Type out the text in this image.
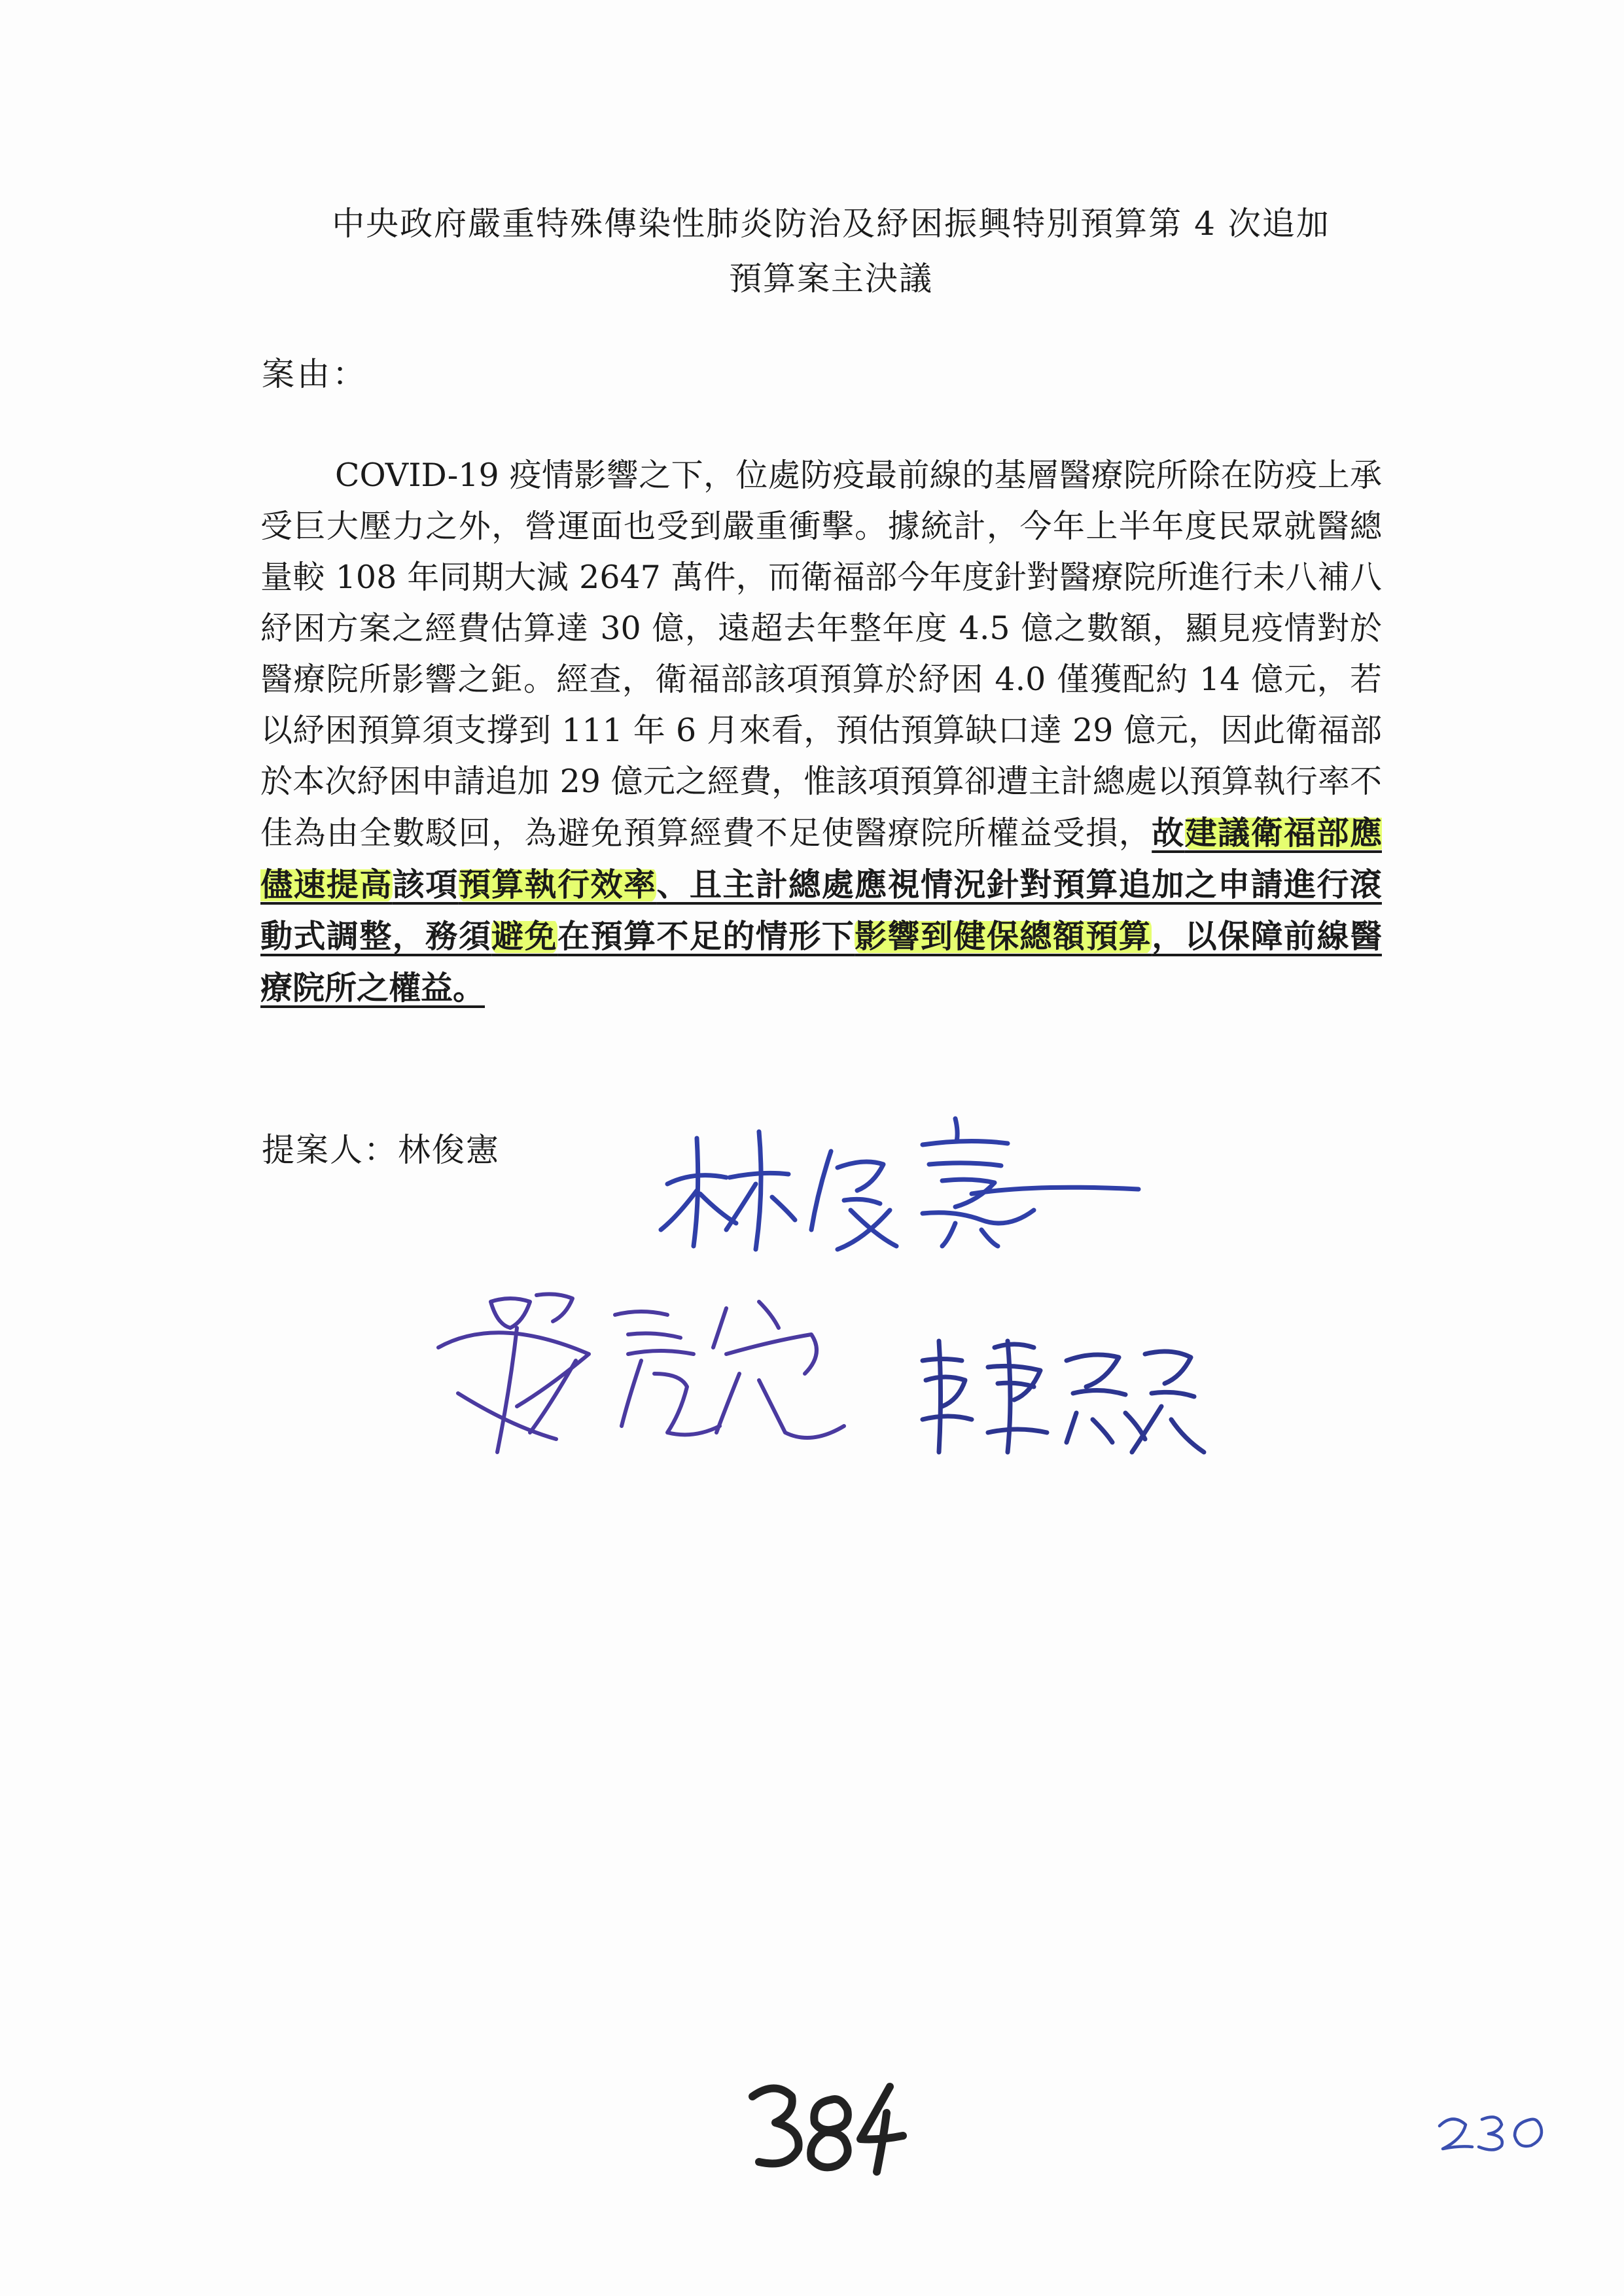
中央政府嚴重特殊傳染性肺炎防治及紓困振興特別預算第 4 次追加
預算案主決議
案由：
COVID-19 疫情影響之下，位處防疫最前線的基層醫療院所除在防疫上承受巨大壓力之外，營運面也受到嚴重衝擊。據統計，今年上半年度民眾就醫總量較 108 年同期大減 2647 萬件，而衛福部今年度針對醫療院所進行未八補八紓困方案之經費估算達 30 億，遠超去年整年度 4.5 億之數額，顯見疫情對於醫療院所影響之鉅。經查，衛福部該項預算於紓困 4.0 僅獲配約 14 億元，若以紓困預算須支撐到 111 年 6 月來看，預估預算缺口達 29 億元，因此衛福部於本次紓困申請追加 29 億元之經費，惟該項預算卻遭主計總處以預算執行率不佳為由全數駁回，為避免預算經費不足使醫療院所權益受損，故建議衛福部應儘速提高該項預算執行效率、且主計總處應視情況針對預算追加之申請進行滾動式調整，務須避免在預算不足的情形下影響到健保總額預算，以保障前線醫療院所之權益。
提案人：林俊憲
